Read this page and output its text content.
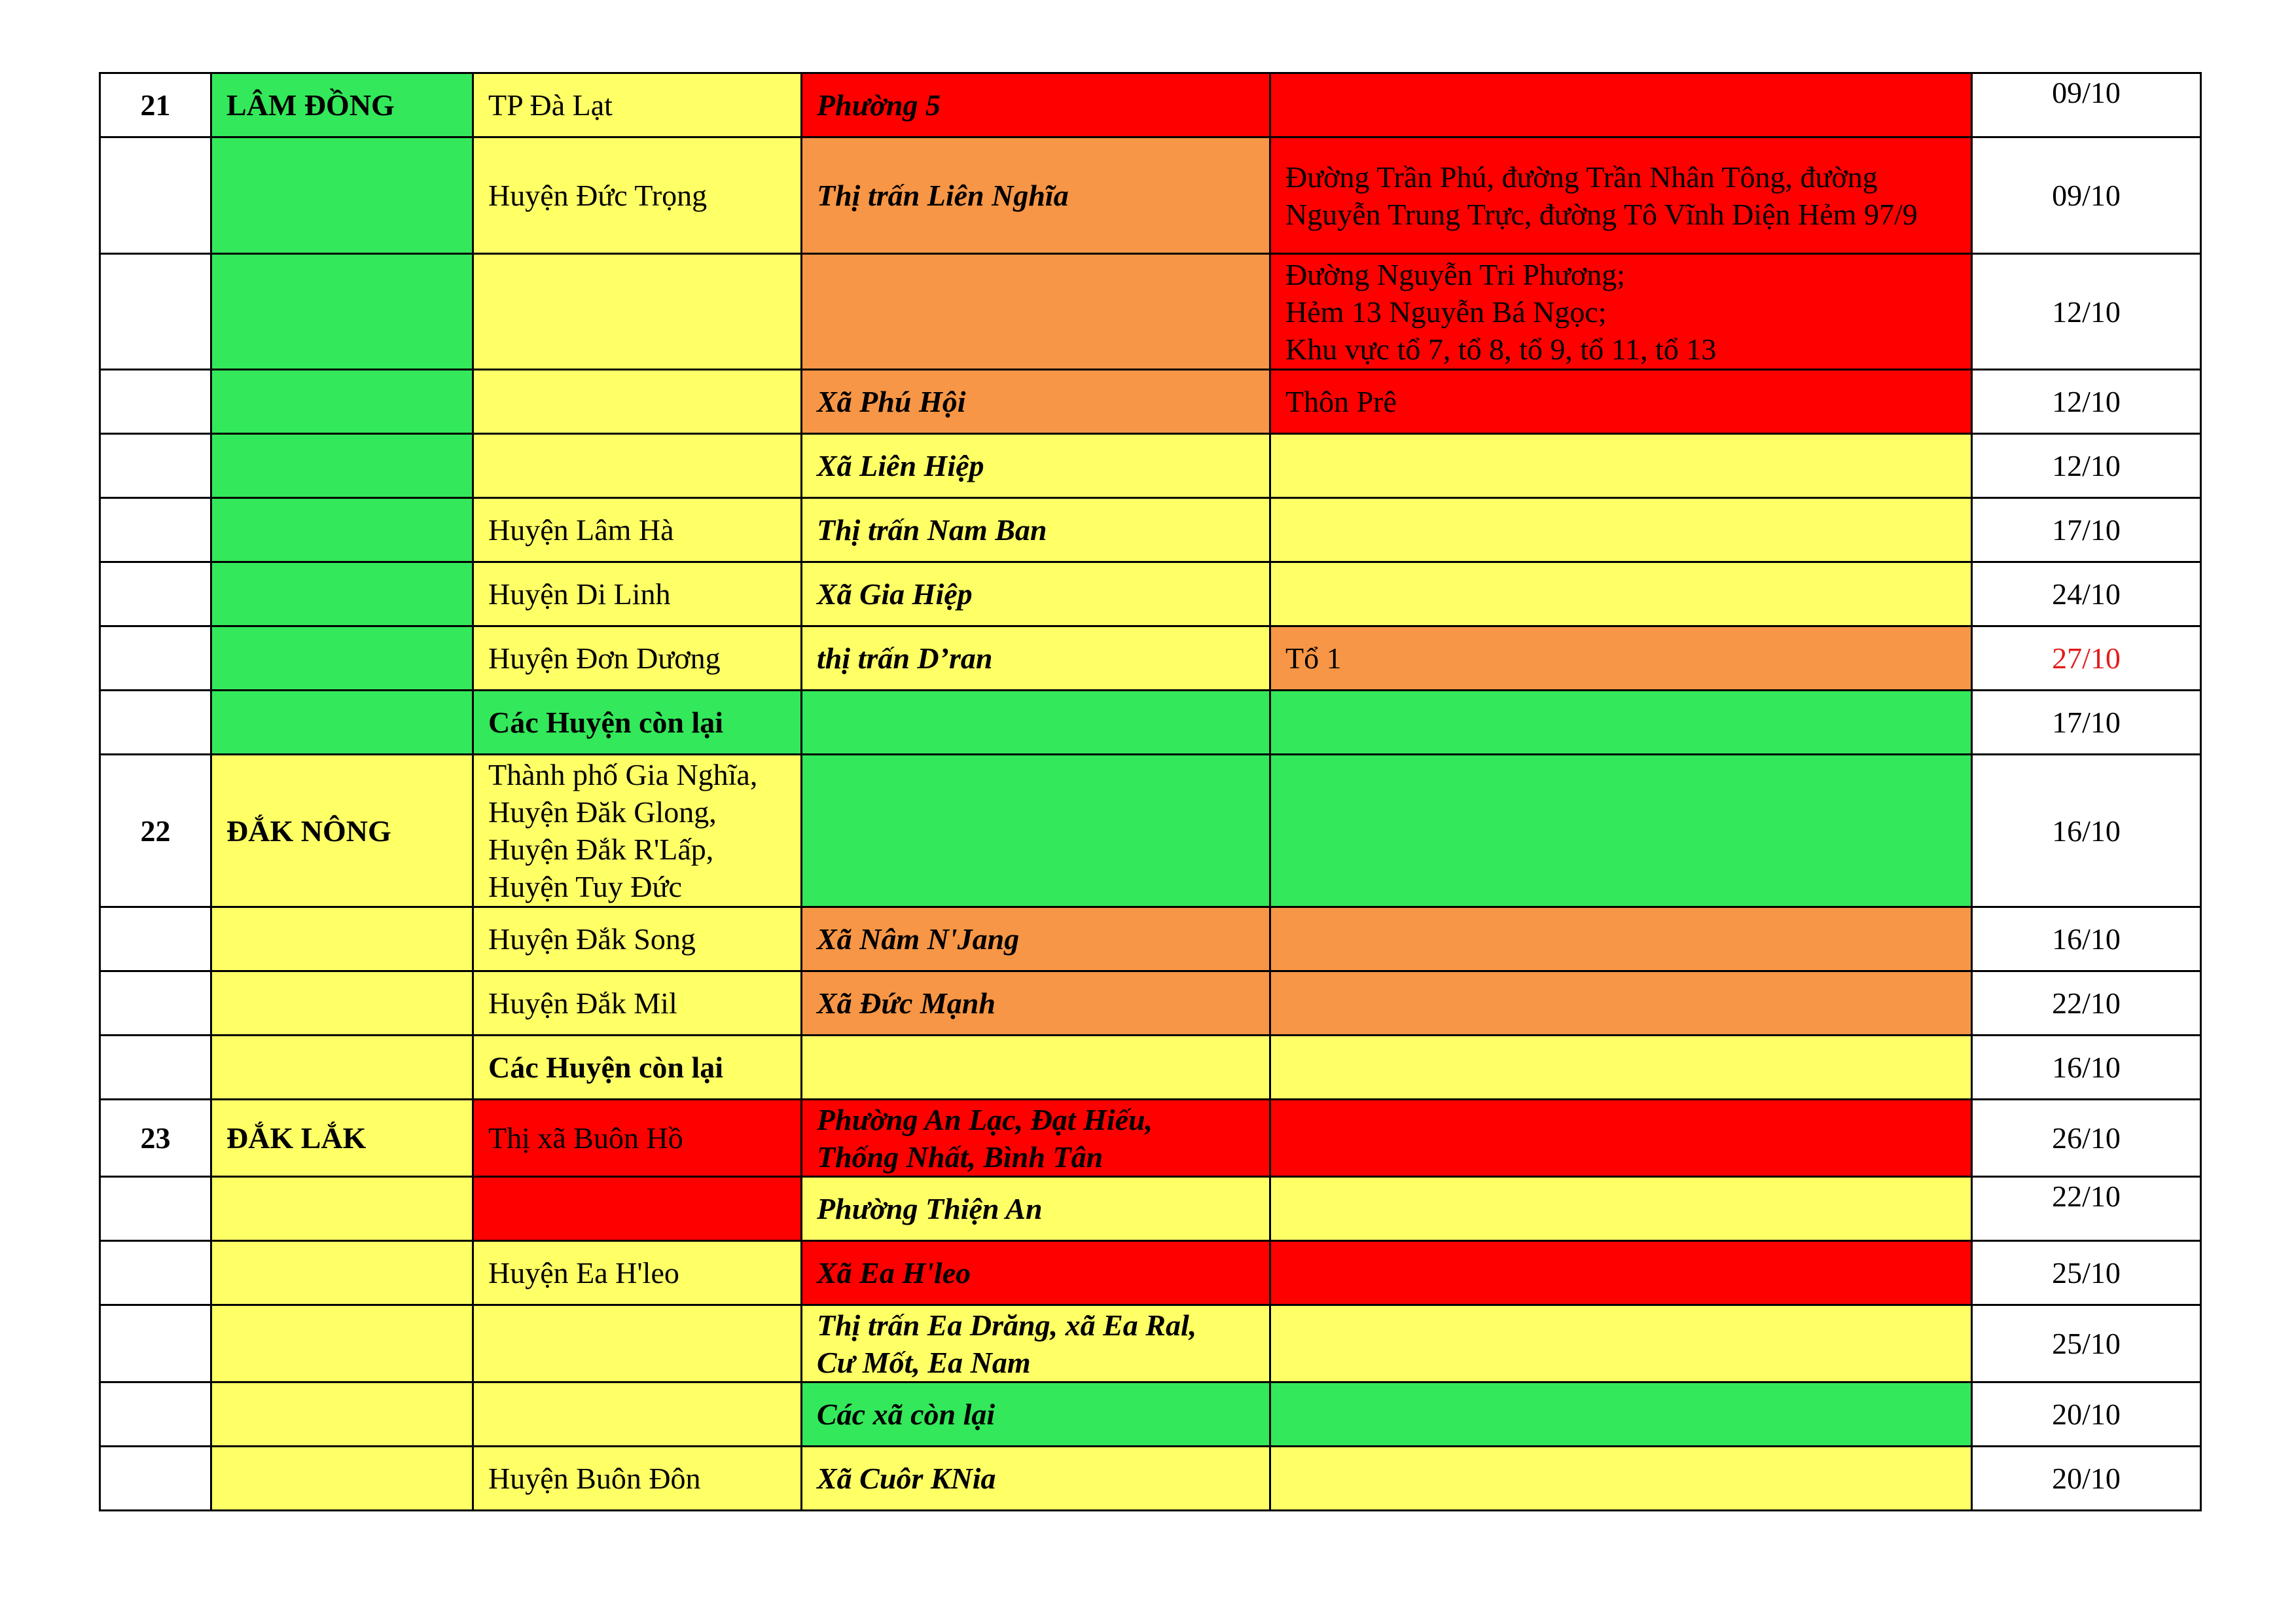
21	LÂM ĐỒNG	TP Đà Lạt	Phường 5		09/10
		Huyện Đức Trọng	Thị trấn Liên Nghĩa	Đường Trần Phú, đường Trần Nhân Tông, đường Nguyễn Trung Trực, đường Tô Vĩnh Diện Hẻm 97/9	09/10

				Đường Nguyễn Tri Phương;
Hẻm 13 Nguyễn Bá Ngọc;
Khu vực tổ 7, tổ 8, tổ 9, tổ 11, tổ 13	12/10
			Xã Phú Hội	Thôn Prê	12/10
			Xã Liên Hiệp		12/10
		Huyện Lâm Hà	Thị trấn Nam Ban		17/10
		Huyện Di Linh	Xã Gia Hiệp		24/10
		Huyện Đơn Dương	thị trấn D’ran	Tổ 1	27/10
		Các Huyện còn lại			17/10
22	ĐẮK NÔNG	Thành phố Gia Nghĩa,
Huyện Đăk Glong,
Huyện Đắk R'Lấp,
Huyện Tuy Đức			16/10
		Huyện Đắk Song	Xã Nâm N'Jang		16/10
		Huyện Đắk Mil	Xã Đức Mạnh		22/10
		Các Huyện còn lại			16/10
23	ĐẮK LẮK	Thị xã Buôn Hồ	Phường An Lạc, Đạt Hiếu,
Thống Nhất, Bình Tân		26/10
			Phường Thiện An		22/10
		Huyện Ea H'leo	Xã Ea H'leo		25/10

			Thị trấn Ea Drăng, xã Ea Ral,
Cư Mốt, Ea Nam		25/10
			Các xã còn lại		20/10
		Huyện Buôn Đôn	Xã Cuôr KNia		20/10
